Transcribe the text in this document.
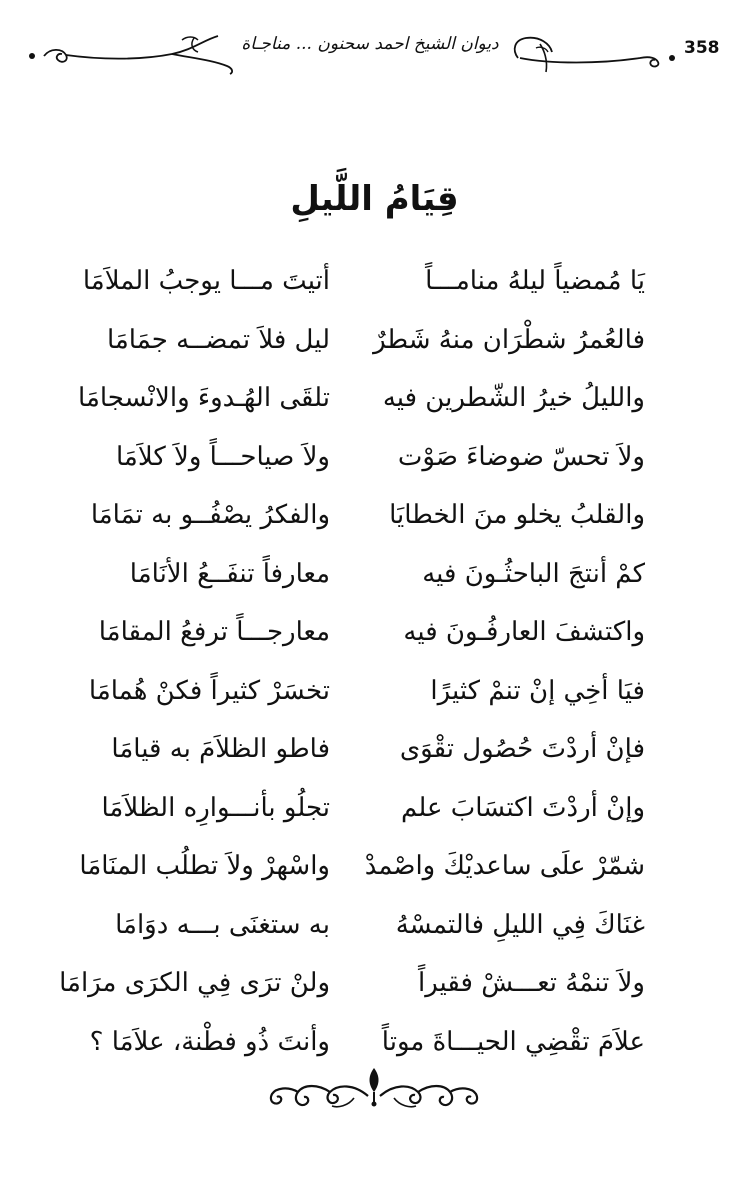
ديوان الشيخ احمد سحنون ... مناجـاة	358
قِيَامُ اللَّيلِ
يَا مُمضياً ليلهُ منامـــاً
أتيتَ مـــا يوجبُ الملاَمَا
فالعُمرُ شطْرَان منهُ شَطرٌ
ليل فلاَ تمضــه جمَامَا
والليلُ خيرُ الشّطرين فيه
تلقَى الهُـدوءَ والانْسجامَا
ولاَ تحسّ ضوضاءَ صَوْت
ولاَ صياحـــاً ولاَ كلاَمَا
والقلبُ يخلو منَ الخطايَا
والفكرُ يصْفُــو به تمَامَا
كمْ أنتجَ الباحثُـونَ فيه
معارفاً تنفَــعُ الأنَامَا
واكتشفَ العارفُـونَ فيه
معارجـــاً ترفعُ المقامَا
فيَا أخِي إنْ تنمْ كثيرًا
تخسَرْ كثيراً فكنْ هُمامَا
فإنْ أردْتَ حُصُول تقْوَى
فاطو الظلاَمَ به قيامَا
وإنْ أردْتَ اكتسَابَ علم
تجلُو بأنـــوارِه الظلاَمَا
شمّرْ علَى ساعديْكَ واصْمدْ
واسْهرْ ولاَ تطلُب المنَامَا
غنَاكَ فِي الليلِ فالتمسْهُ
به ستغنَى بـــه دوَامَا
ولاَ تنمْهُ تعـــشْ فقيراً
ولنْ ترَى فِي الكرَى مرَامَا
علاَمَ تقْضِي الحيـــاةَ موتاً
وأنتَ ذُو فطْنة، علاَمَا ؟
